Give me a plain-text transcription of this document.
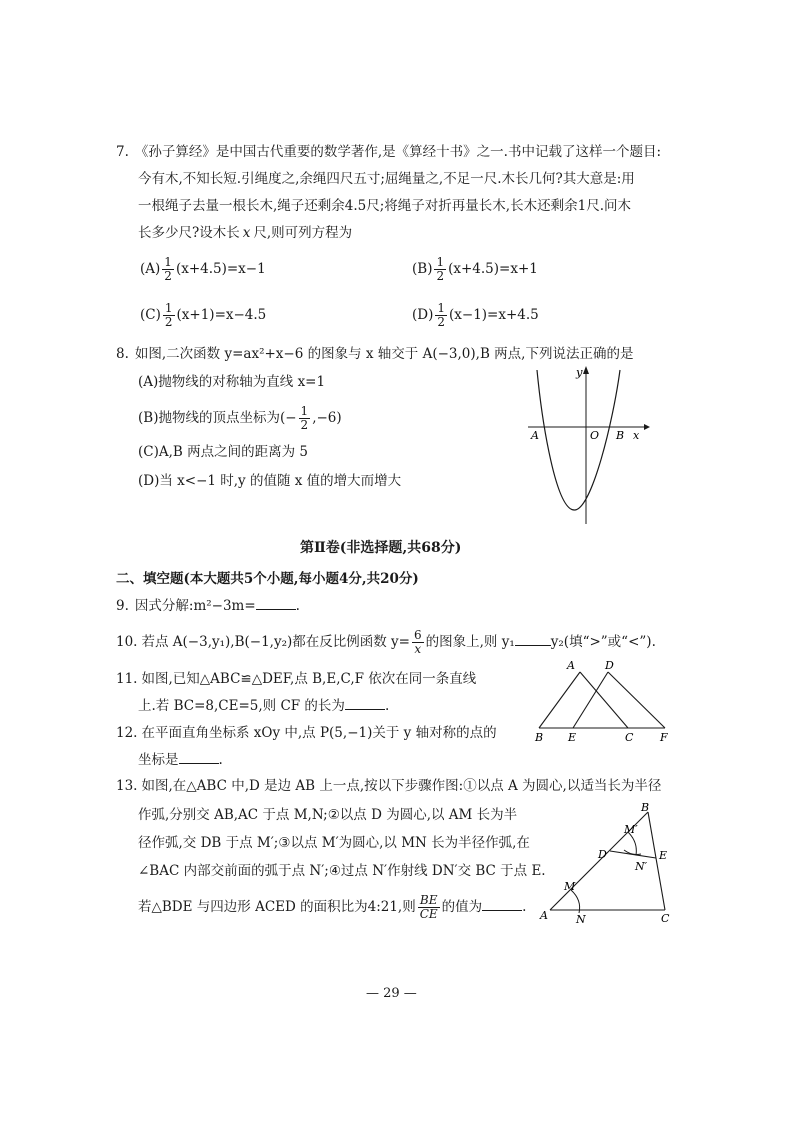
7. 《孙子算经》是中国古代重要的数学著作,是《算经十书》之一.书中记载了这样一个题目:
今有木,不知长短.引绳度之,余绳四尺五寸;屈绳量之,不足一尺.木长几何?其大意是:用
一根绳子去量一根长木,绳子还剩余4.5尺;将绳子对折再量长木,长木还剩余1尺.问木
长多少尺?设木长 x 尺,则可列方程为
$(A) \frac{1}{2} (x+4.5)=x-1$	$(B) \frac{1}{2} (x+4.5)=x+1$
$(C) \frac{1}{2} (x+1)=x-4.5$	$(D) \frac{1}{2} (x-1)=x+4.5$
8. 如图,二次函数 y=ax²+x−6 的图象与 x 轴交于 A(−3,0),B 两点,下列说法正确的是
(A)抛物线的对称轴为直线 x=1
(B)抛物线的顶点坐标为(− $\frac{1}{2} ,-6$)
(C)A,B 两点之间的距离为 5
(D)当 x<−1 时,y 的值随 x 值的增大而增大
y
x
A	O B
第Ⅱ卷(非选择题,共68分)
二、填空题(本大题共5个小题,每小题4分,共20分)
9. 因式分解:m²−3m=	.
10. 若点 A(−3,y₁),B(−1,y₂)都在反比例函数 $y= \frac{6}{x}$ 的图象上,则 y₁	y₂(填“>”或“<”).
11. 如图,已知△ABC≌△DEF,点 B,E,C,F 依次在同一条直线
上.若 BC=8,CE=5,则 CF 的长为	.
A	D
B E	C F
12. 在平面直角坐标系 xOy 中,点 P(5,−1)关于 y 轴对称的点的
坐标是	.
13. 如图,在△ABC 中,D 是边 AB 上一点,按以下步骤作图:①以点 A 为圆心,以适当长为半径
作弧,分别交 AB,AC 于点 M,N;②以点 D 为圆心,以 AM 长为半
径作弧,交 DB 于点 M′;③以点 M′为圆心,以 MN 长为半径作弧,在
∠BAC 内部交前面的弧于点 N′;④过点 N′作射线 DN′交 BC 于点 E.
若△BDE 与四边形 ACED 的面积比为4:21,则 $\frac{BE}{CE}$ 的值为	.
B
M′
D	E
N′
M
A	N	C
— 29 —
